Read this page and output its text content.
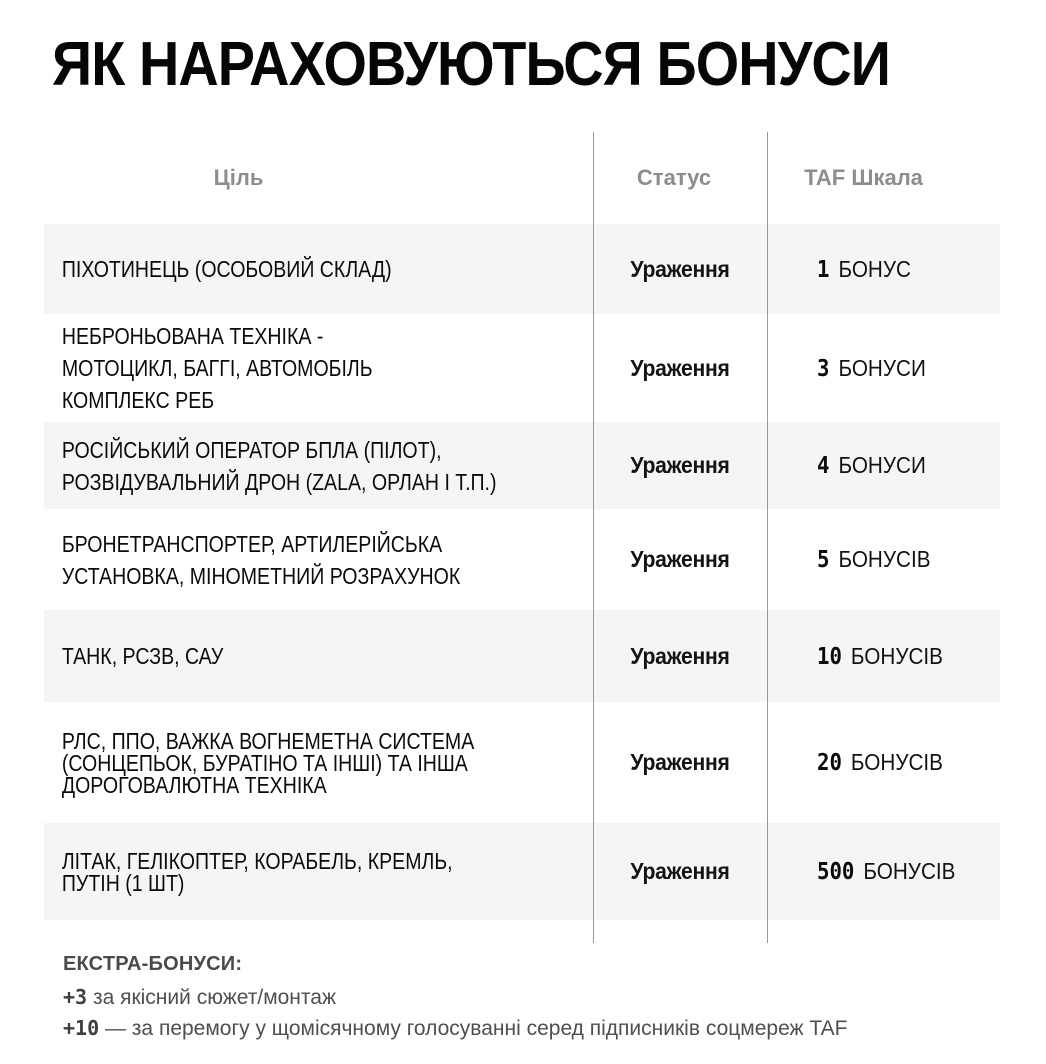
ЯК НАРАХОВУЮТЬСЯ БОНУСИ
Ціль	Статус	TAF Шкала
ПІХОТИНЕЦЬ (ОСОБОВИЙ СКЛАД)	Ураження	1 БОНУС
НЕБРОНЬОВАНА ТЕХНІКА -
МОТОЦИКЛ, БАГГІ, АВТОМОБІЛЬ
КОМПЛЕКС РЕБ
Ураження	3 БОНУСИ
РОСІЙСЬКИЙ ОПЕРАТОР БПЛА (ПІЛОТ),
РОЗВІДУВАЛЬНИЙ ДРОН (ZALA, ОРЛАН І Т.П.)
Ураження	4 БОНУСИ
БРОНЕТРАНСПОРТЕР, АРТИЛЕРІЙСЬКА
УСТАНОВКА, МІНОМЕТНИЙ РОЗРАХУНОК
Ураження	5 БОНУСІВ
ТАНК, РСЗВ, САУ	Ураження	10 БОНУСІВ
РЛС, ППО, ВАЖКА ВОГНЕМЕТНА СИСТЕМА
(СОНЦЕПЬОК, БУРАТІНО ТА ІНШІ) ТА ІНША
ДОРОГОВАЛЮТНА ТЕХНІКА
Ураження	20 БОНУСІВ
ЛІТАК, ГЕЛІКОПТЕР, КОРАБЕЛЬ, КРЕМЛЬ,
ПУТІН (1 ШТ)	Ураження	500 БОНУСІВ
ЕКСТРА-БОНУСИ:
+3 за якісний сюжет/монтаж
+10 — за перемогу у щомісячному голосуванні серед підписників соцмереж TAF
